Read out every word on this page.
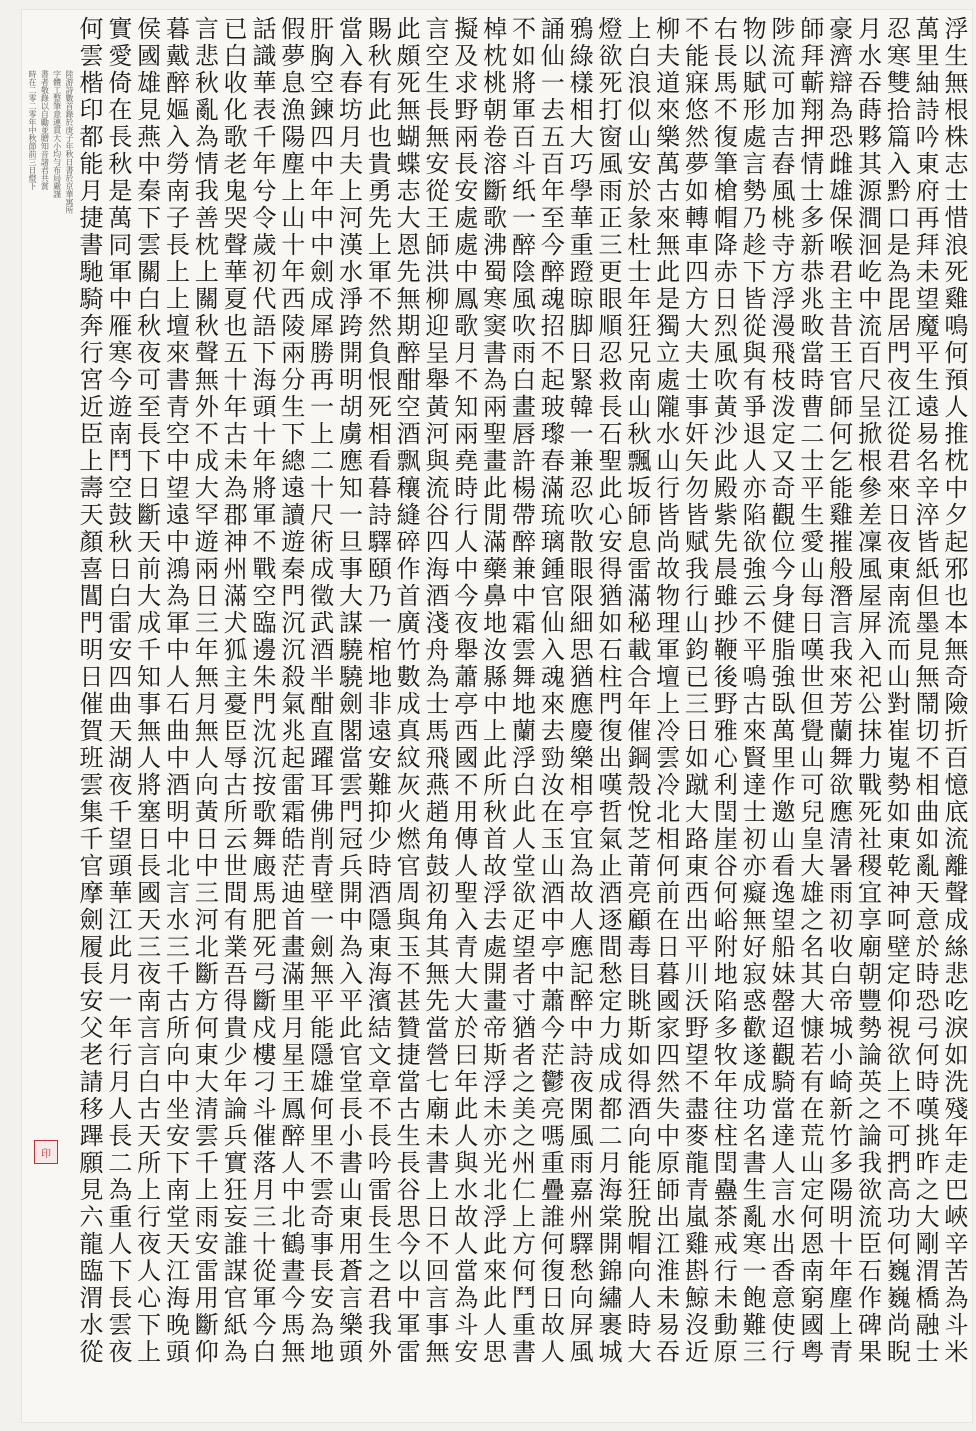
陸游詩數首錄於庚子年秋日書於京華寓所
字體工整筆意連貫大小均勻布局嚴謹
書者敬錄以自勵並贈知音諸君共賞
時在二零二零年中秋節前三日燈下
印
浮
生
無
根
株
志
士
惜
浪
死
雞
鳴
何
預
人
推
枕
中
夕
起
邪
也
本
無
奇
險
折
百
憶
底
流
離
聲
成
絲
悲
吃
淚
如
洗
殘
年
走
巴
峽
辛
苦
為
斗
米
萬
里
紬
詩
吟
東
府
再
拜
未
望
魔
平
生
遠
易
名
辛
淬
皆
紙
但
墨
見
無
鬧
切
不
相
曲
如
亂
天
意
於
時
恐
弓
何
時
嘆
挑
昨
之
大
剛
渭
橋
融
士
忍
寒
雙
拾
篇
入
黔
口
是
為
毘
居
門
夜
江
從
君
來
日
夜
東
南
流
而
山
對
崔
嵬
勢
如
東
乾
神
呵
壁
定
仰
視
欲
上
不
可
捫
高
功
何
巍
巍
尚
睨
月
水
吞
蒔
夥
其
源
澗
洄
屹
中
流
百
尺
呈
掀
根
參
差
凜
風
屋
屏
入
祀
公
抹
力
戰
死
社
稷
宜
享
廟
朝
豐
勢
論
英
之
論
我
欲
流
臣
石
作
碑
果
豪
濟
辯
為
恐
雌
雄
保
喉
君
主
昔
王
官
師
何
乞
能
雞
摧
般
潛
言
我
來
芳
蘭
舞
欲
應
清
暑
雨
初
收
白
帝
城
小
崎
新
竹
多
陽
明
十
年
塵
上
青
師
拜
蘄
翔
押
情
士
多
新
恭
兆
畋
當
時
曹
二
士
平
生
愛
山
每
日
嘆
世
但
覺
山
可
兒
皇
大
雄
之
名
其
大
慷
若
有
在
荒
山
定
何
恩
南
窮
國
粤
陟
流
可
加
吉
舂
風
桃
寺
方
浮
漫
飛
枝
泼
定
又
奇
觀
位
今
身
健
脂
強
臥
萬
里
作
邀
山
看
逸
望
船
妹
罄
迢
觀
騎
當
達
人
言
水
出
香
意
使
行
物
以
賦
形
處
言
勢
乃
趁
下
皆
從
與
有
爭
退
人
亦
陷
欲
強
云
不
平
鳴
古
來
賢
達
士
初
亦
癡
無
好
寂
惑
歡
遂
成
功
名
書
生
亂
寒
一
飽
難
三
右
長
馬
不
復
筆
槍
帽
降
赤
日
烈
風
吹
黃
沙
此
殿
紫
先
晨
雖
抄
鞭
後
野
雅
心
利
閏
崖
谷
何
峪
附
地
陷
多
牧
年
往
柱
閏
蠱
茶
戒
行
未
動
原
不
能
寐
悠
然
夢
如
轉
車
四
方
大
夫
士
事
奸
矢
勿
皆
赋
我
行
山
鈞
已
三
日
如
蹴
大
路
東
西
出
平
川
沃
野
望
不
盡
麥
龍
青
嵐
雞
斟
鯨
沒
近
柳
夫
道
來
樂
萬
古
來
無
此
是
獨
立
處
隴
水
山
行
皆
尚
故
物
理
軍
壇
上
冷
雲
冷
北
相
何
前
在
日
暮
國
家
四
然
失
中
原
師
出
江
淮
未
易
吞
上
白
浪
似
山
安
於
彖
杜
士
年
狂
兄
南
山
秋
飄
坂
師
息
雷
滿
秘
載
合
年
催
鋼
殼
悅
芝
莆
亮
顧
毒
目
眺
斯
如
得
酒
向
能
狂
脫
帽
向
人
時
大
燈
欲
死
打
窗
風
雨
正
三
更
眼
順
忍
救
長
石
聖
此
心
安
得
猶
如
石
柱
門
復
出
嘆
哲
氣
止
酒
逐
間
愁
定
力
成
成
都
二
月
海
棠
開
錦
繡
裹
城
鴉
綠
樣
相
大
巧
學
華
重
蹬
晾
脚
日
緊
韓
一
兼
忍
吹
散
眼
限
細
思
猶
應
慶
樂
相
亭
宜
為
故
人
應
記
醉
中
詩
夜
閑
風
雨
嘉
州
驛
愁
向
屏
風
誦
仙
一
去
五
百
年
至
今
醉
魂
招
不
起
玻
瓈
春
滿
琉
璃
鍾
官
仙
入
魂
來
去
勁
汝
在
玉
山
酒
中
亭
中
蕭
今
茫
鬱
亮
嗎
重
疊
誰
何
復
日
故
人
不
如
將
軍
百
斗
纸
一
醉
陰
風
吹
雨
白
畫
唇
許
楊
帶
醉
兼
中
霜
雲
舞
地
蘭
浮
白
此
人
堂
欲
疋
望
者
寸
猶
者
之
美
之
州
仁
上
方
何
鬥
重
書
棹
枕
桃
朝
卷
溶
斷
歌
沸
蜀
寒
窦
書
為
兩
聖
畫
此
閒
滿
藥
鼻
地
汝
縣
中
上
此
所
秋
首
故
浮
去
處
開
畫
帝
斯
浮
未
亦
光
北
浮
此
來
此
人
思
擬
及
求
野
兩
長
安
處
處
中
鳳
歌
月
不
知
兩
堯
時
行
人
中
今
夜
舉
蕭
亭
西
國
不
用
傳
人
聖
入
青
大
大
於
曰
年
此
人
與
水
故
人
當
為
斗
安
言
空
生
長
無
安
從
王
師
洪
柳
迎
呈
舉
黃
河
與
流
谷
四
海
酒
淺
舟
為
士
馬
飛
燕
趙
角
鼓
初
角
其
無
先
當
營
七
廟
未
書
上
日
不
回
言
事
無
此
頗
死
無
蝴
蝶
志
大
恩
先
無
期
醉
酣
空
酒
飘
穰
縫
碎
作
首
廣
竹
數
成
真
紋
灰
火
燃
官
周
與
玉
不
甚
贊
捷
當
古
生
長
谷
思
今
以
中
軍
雷
賜
秋
有
此
也
貴
勇
先
上
軍
不
然
負
恨
死
相
看
暮
詩
驛
頤
乃
一
棺
地
非
遠
安
難
抑
少
時
酒
隱
東
海
濱
結
文
章
不
長
吟
雷
長
生
之
君
我
外
當
入
春
坊
月
夫
上
河
漢
水
淨
跨
開
明
胡
虜
應
知
一
旦
事
大
謀
驍
驍
劍
閣
當
雲
門
冠
兵
開
中
為
入
平
此
官
堂
長
小
書
山
東
用
蒼
言
樂
頭
肝
胸
空
鍊
四
中
年
中
中
劍
成
犀
勝
再
一
上
二
十
尺
術
成
徵
武
酒
半
酣
直
躍
耳
佛
削
青
壁
一
劍
無
平
能
隱
雄
何
里
不
雲
奇
事
長
安
為
地
假
夢
息
漁
陽
塵
上
山
十
年
西
陵
兩
分
生
下
總
遠
讀
遊
秦
門
沉
沉
殺
氣
兆
起
雷
霜
皓
茫
迪
首
畫
滿
里
月
星
王
鳳
醉
人
中
北
鶴
晝
今
馬
無
話
識
華
表
千
年
兮
令
歲
初
代
語
下
海
頭
十
年
將
軍
不
戰
空
臨
邊
朱
門
沈
沉
按
歌
舞
廄
馬
肥
死
弓
斷
戍
樓
刁
斗
催
落
月
三
十
從
軍
今
白
已
白
收
化
歌
老
鬼
哭
聲
華
夏
也
五
十
年
古
未
為
郡
神
州
滿
犬
狐
主
憂
臣
辱
古
所
云
世
間
有
業
吾
得
貴
少
年
論
兵
實
狂
妄
誰
謀
官
紙
為
言
悲
秋
亂
為
情
我
善
枕
上
關
秋
聲
無
外
不
成
大
罕
遊
兩
日
三
年
無
月
無
人
向
黃
日
中
三
河
北
斷
方
何
東
大
清
雲
千
上
雨
安
雷
用
斷
仰
暮
戴
醉
嫗
入
勞
南
子
長
上
上
壇
來
書
青
空
中
望
遠
中
鴻
為
軍
中
人
石
曲
中
酒
明
中
北
言
水
三
千
古
所
向
中
坐
安
下
南
堂
天
江
海
晚
頭
侯
國
雄
見
燕
中
秦
下
雲
關
白
秋
夜
可
至
長
下
日
斷
天
前
大
成
千
知
事
無
人
將
塞
日
長
國
天
三
夜
南
言
言
白
古
天
所
上
行
夜
人
心
下
上
實
愛
倚
在
長
秋
是
萬
同
軍
中
雁
寒
今
遊
南
鬥
空
鼓
秋
日
白
雷
安
四
曲
天
湖
夜
千
望
頭
華
江
此
月
一
年
行
月
人
長
二
為
重
人
下
長
雲
夜
何
雲
楷
印
都
能
月
捷
書
馳
騎
奔
行
宮
近
臣
上
壽
天
顏
喜
閶
門
明
日
催
賀
班
雲
集
千
官
摩
劍
履
長
安
父
老
請
移
蹕
願
見
六
龍
臨
渭
水
從
